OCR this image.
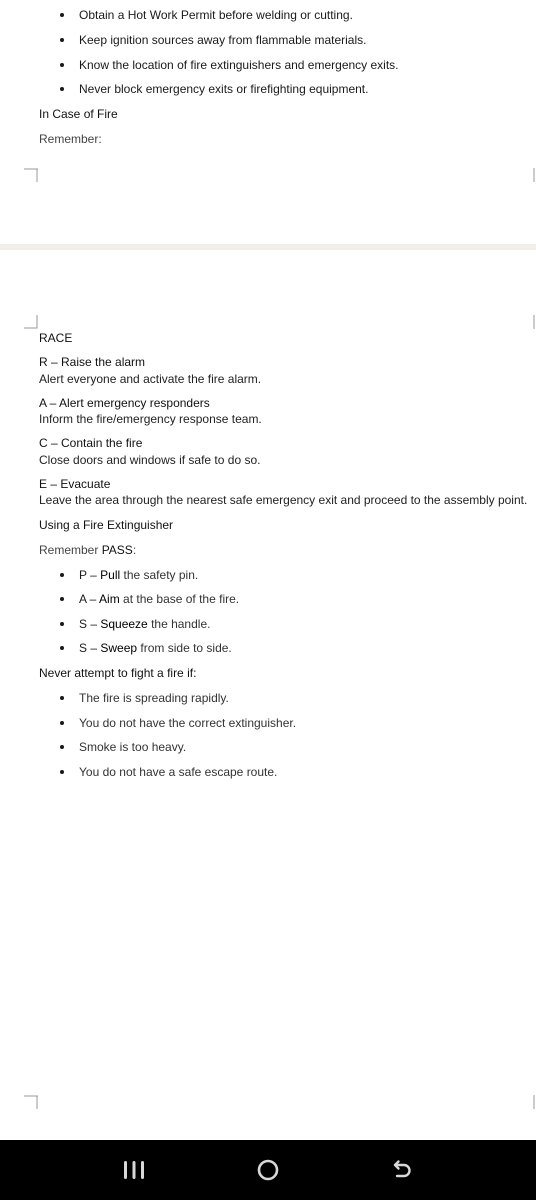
Obtain a Hot Work Permit before welding or cutting.
Keep ignition sources away from flammable materials.
Know the location of fire extinguishers and emergency exits.
Never block emergency exits or firefighting equipment.
In Case of Fire
Remember:
RACE
R – Raise the alarm
Alert everyone and activate the fire alarm.
A – Alert emergency responders
Inform the fire/emergency response team.
C – Contain the fire
Close doors and windows if safe to do so.
E – Evacuate
Leave the area through the nearest safe emergency exit and proceed to the assembly point.
Using a Fire Extinguisher
Remember PASS:
P – Pull the safety pin.
A – Aim at the base of the fire.
S – Squeeze the handle.
S – Sweep from side to side.
Never attempt to fight a fire if:
The fire is spreading rapidly.
You do not have the correct extinguisher.
Smoke is too heavy.
You do not have a safe escape route.
